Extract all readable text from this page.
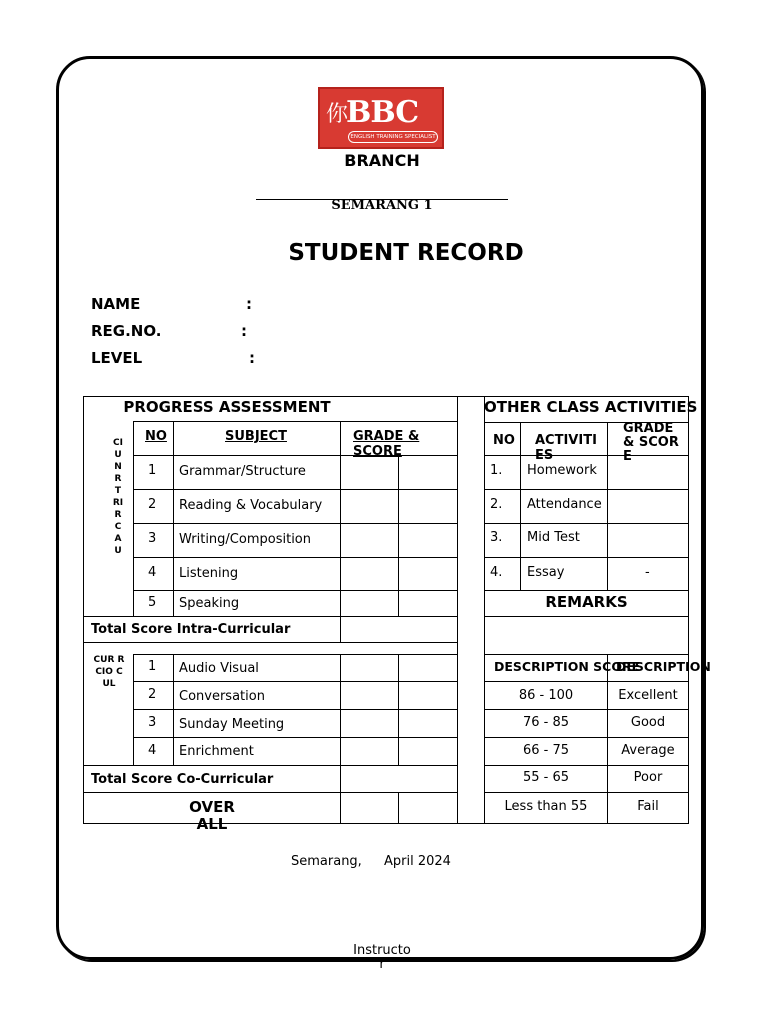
你
BBC
ENGLISH TRAINING SPECIALIST
BRANCH
SEMARANG 1
STUDENT RECORD
NAME	:
REG.NO.	:
LEVEL	:
PROGRESS ASSESSMENT
NO	SUBJECT	GRADE & SCORE
1 Grammar/Structure
2 Reading & Vocabulary
3 Writing/Composition
4 Listening
5 Speaking
CIUNRTRIRCAU
Total Score Intra-Curricular
1 Audio Visual
2 Conversation
3 Sunday Meeting
4 Enrichment
CUR R CIO C UL
Total Score Co-Curricular
OVERALL
OTHER CLASS ACTIVITIES
NO ACTIVITIES
GRADE & SCORE
1. Homework
2. Attendance
3. Mid Test
4. Essay	-
REMARKS
DESCRIPTION SCORE
DESCRIPTION
86 - 100	Excellent
76 - 85	Good
66 - 75	Average
55 - 65	Poor
Less than 55	Fail
Semarang, April 2024
Instructor
